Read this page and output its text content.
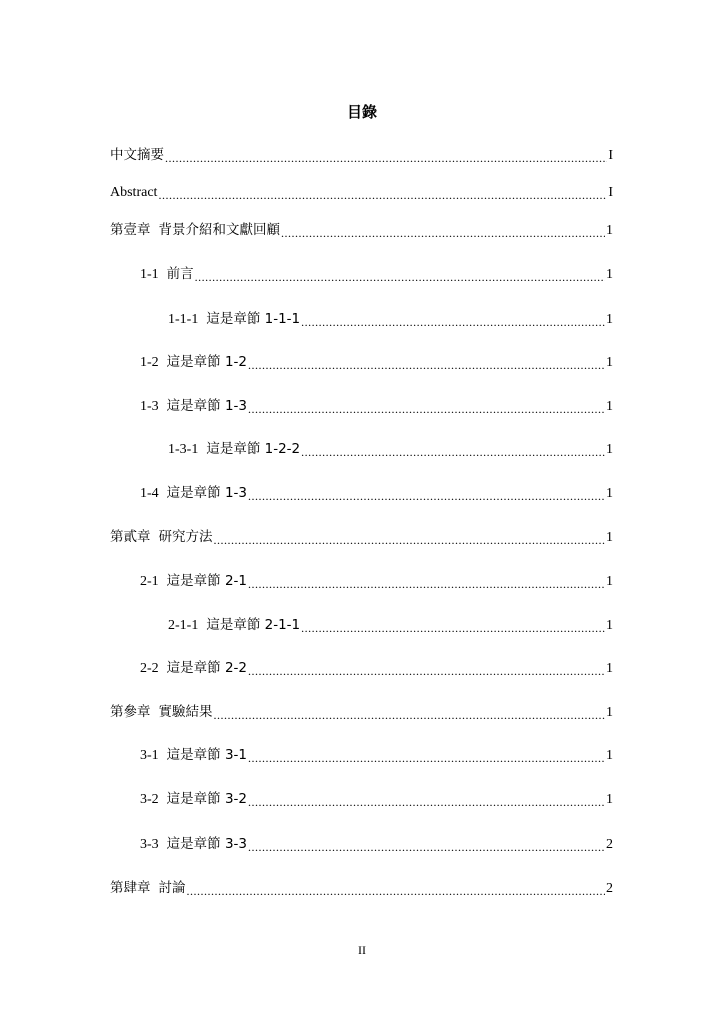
目錄
中文摘要 .....	I
Abstract .....	I
第壹章 背景介紹和文獻回顧 .....	1
1-1 前言 .....	1
1-1-1 這是章節 1-1-1 .....	1
1-2 這是章節 1-2 .....	1
1-3 這是章節 1-3 .....	1
1-3-1 這是章節 1-2-2 .....	1
1-4 這是章節 1-3 .....	1
第貳章 研究方法 .....	1
2-1 這是章節 2-1 .....	1
2-1-1 這是章節 2-1-1 .....	1
2-2 這是章節 2-2 .....	1
第參章 實驗結果 .....	1
3-1 這是章節 3-1 .....	1
3-2 這是章節 3-2 .....	1
3-3 這是章節 3-3 .....	2
第肆章 討論 .....	2
II
